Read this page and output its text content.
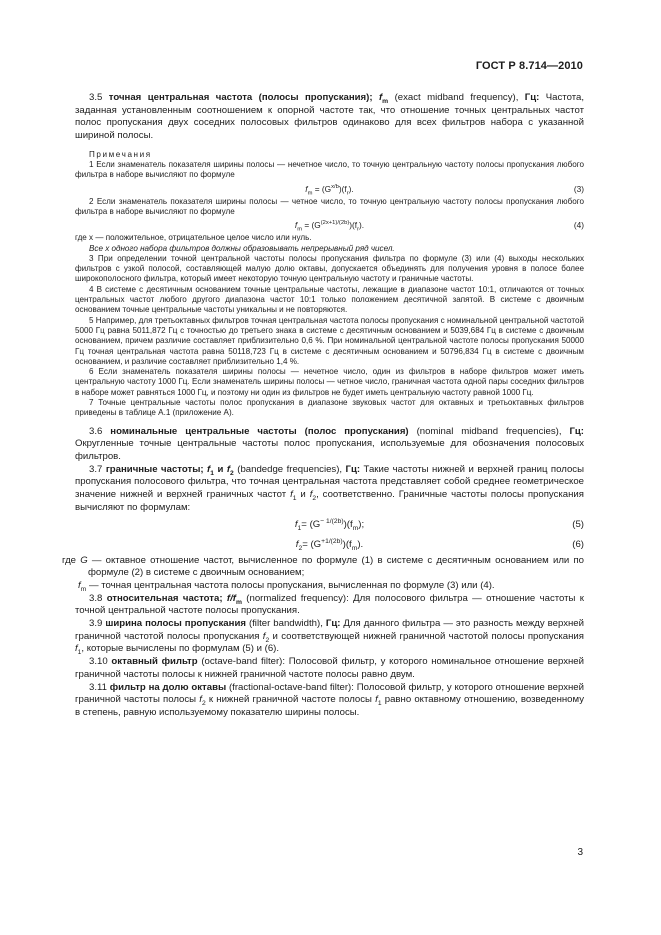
ГОСТ Р 8.714—2010

3.5 точная центральная частота (полосы пропускания); $f_m$ (exact midband frequency), Гц: Частота, заданная установленным соотношением к опорной частоте так, что отношение точных центральных частот полос пропускания двух соседних полосовых фильтров одинаково для всех фильтров набора с указанной шириной полосы.

Примечания

1 Если знаменатель показателя ширины полосы — нечетное число, то точную центральную частоту полосы пропускания любого фильтра в наборе вычисляют по формуле

$f_m = (G^{x/b})(f_r)$.	(3)

2 Если знаменатель показателя ширины полосы — четное число, то точную центральную частоту полосы пропускания любого фильтра в наборе вычисляют по формуле

$f_m = (G^{(2x+1)/(2b)})(f_r)$.	(4)

где x — положительное, отрицательное целое число или нуль.

Все x одного набора фильтров должны образовывать непрерывный ряд чисел.

3 При определении точной центральной частоты полосы пропускания фильтра по формуле (3) или (4) выходы нескольких фильтров с узкой полосой, составляющей малую долю октавы, допускается объединять для получения уровня в полосе более широкополосного фильтра, который имеет некоторую точную центральную частоту и граничные частоты.

4 В системе с десятичным основанием точные центральные частоты, лежащие в диапазоне частот 10:1, отличаются от точных центральных частот любого другого диапазона частот 10:1 только положением десятичной запятой. В системе с двоичным основанием точные центральные частоты уникальны и не повторяются.

5 Например, для третьоктавных фильтров точная центральная частота полосы пропускания с номинальной центральной частотой 5000 Гц равна 5011,872 Гц с точностью до третьего знака в системе с десятичным основанием и 5039,684 Гц в системе с двоичным основанием, причем различие составляет приблизительно 0,6 %. При номинальной центральной частоте полосы пропускания 50000 Гц точная центральная частота равна 50118,723 Гц в системе с десятичным основанием и 50796,834 Гц в системе с двоичным основанием, и различие составляет приблизительно 1,4 %.

6 Если знаменатель показателя ширины полосы — нечетное число, один из фильтров в наборе фильтров может иметь центральную частоту 1000 Гц. Если знаменатель ширины полосы — четное число, граничная частота одной пары соседних фильтров в наборе может равняться 1000 Гц, и поэтому ни один из фильтров не будет иметь центральную частоту равной 1000 Гц.

7 Точные центральные частоты полос пропускания в диапазоне звуковых частот для октавных и третьоктавных фильтров приведены в таблице А.1 (приложение А).

3.6 номинальные центральные частоты (полос пропускания) (nominal midband frequencies), Гц: Округленные точные центральные частоты полос пропускания, используемые для обозначения полосовых фильтров.

3.7 граничные частоты; $f_1$ и $f_2$ (bandedge frequencies), Гц: Такие частоты нижней и верхней границ полосы пропускания полосового фильтра, что точная центральная частота представляет собой среднее геометрическое значение нижней и верхней граничных частот $f_1$ и $f_2$, соответственно. Граничные частоты полосы пропускания вычисляют по формулам:

$f_1= (G^{- 1/(2b)})(f_m)$;	(5)
$f_2= (G^{+1/(2b)})(f_m)$.	(6)

где G — октавное отношение частот, вычисленное по формуле (1) в системе с десятичным основанием или по формуле (2) в системе с двоичным основанием;

$f_m$ — точная центральная частота полосы пропускания, вычисленная по формуле (3) или (4).

3.8 относительная частота; $f/f_m$ (normalized frequency): Для полосового фильтра — отношение частоты к точной центральной частоте полосы пропускания.

3.9 ширина полосы пропускания (filter bandwidth), Гц: Для данного фильтра — это разность между верхней граничной частотой полосы пропускания $f_2$ и соответствующей нижней граничной частотой полосы пропускания $f_1$, которые вычислены по формулам (5) и (6).

3.10 октавный фильтр (octave-band filter): Полосовой фильтр, у которого номинальное отношение верхней граничной частоты полосы к нижней граничной частоте полосы равно двум.

3.11 фильтр на долю октавы (fractional-octave-band filter): Полосовой фильтр, у которого отношение верхней граничной частоты полосы $f_2$ к нижней граничной частоте полосы $f_1$ равно октавному отношению, возведенному в степень, равную используемому показателю ширины полосы.

3
